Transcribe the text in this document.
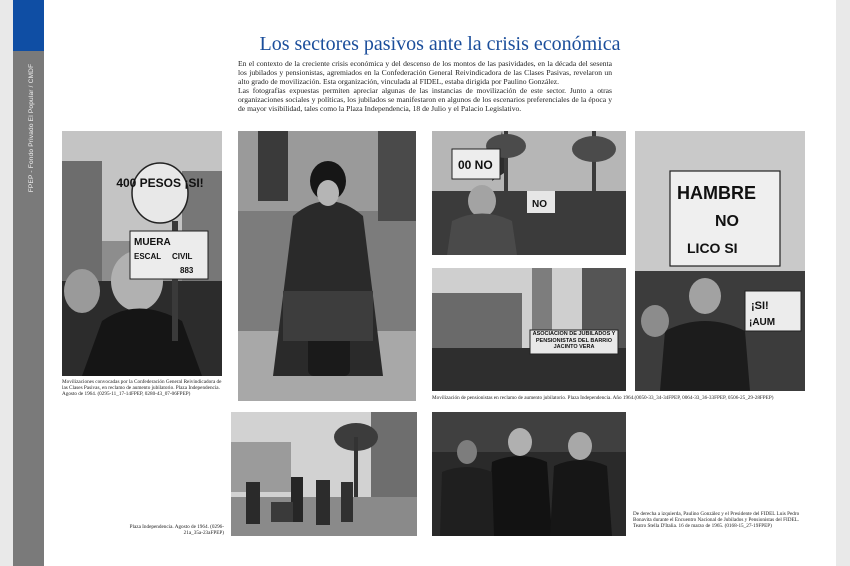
FPEP - Fondo Privado El Popular / CMDF
Los sectores pasivos ante la crisis económica

En el contexto de la creciente crisis económica y del descenso de los montos de las pasividades, en la década del sesenta los jubilados y pensionistas, agremiados en la Confederación General Reivindicadora de las Clases Pasivas, revelaron un alto grado de movilización. Esta organización, vinculada al FIDEL, estaba dirigida por Paulino González.

Las fotografías expuestas permiten apreciar algunas de las instancias de movilización de este sector. Junto a otras organizaciones sociales y políticas, los jubilados se manifestaron en algunos de los escenarios preferenciales de la época y de mayor visibilidad, tales como la Plaza Independencia, 18 de Julio y el Palacio Legislativo.

400 PESOS ¡SI!
MUERA
ESCAL CIVIL
883
00 NO
NO
ASOCIACION DE JUBILADOS Y PENSIONISTAS DEL BARRIO JACINTO VERA
HAMBRE
NO
LICO SI
¡SI!
¡AUM
Movilizaciones convocadas por la Confederación General Reivindicadora de las Clases Pasivas, en reclamo de aumento jubilatorio. Plaza Independencia. Agosto de 1964. (0295-11_17-14FPEP, 0280-43_07-06FPEP)
Movilización de pensionistas en reclamo de aumento jubilatorio. Plaza Independencia. Año 1964.(0050-33_34-34FPEP, 0064-33_36-33FPEP, 0506-25_29-28FPEP)
Plaza Independencia. Agosto de 1964. (0296-21a_35a-23aFPEP)
De derecha a izquierda, Paulino González y el Presidente del FIDEL Luis Pedro Bonavita durante el Encuentro Nacional de Jubilados y Pensionistas del FIDEL. Teatro Stella D'Italia. 16 de marzo de 1965. (0168-15_27-19FPEP)
